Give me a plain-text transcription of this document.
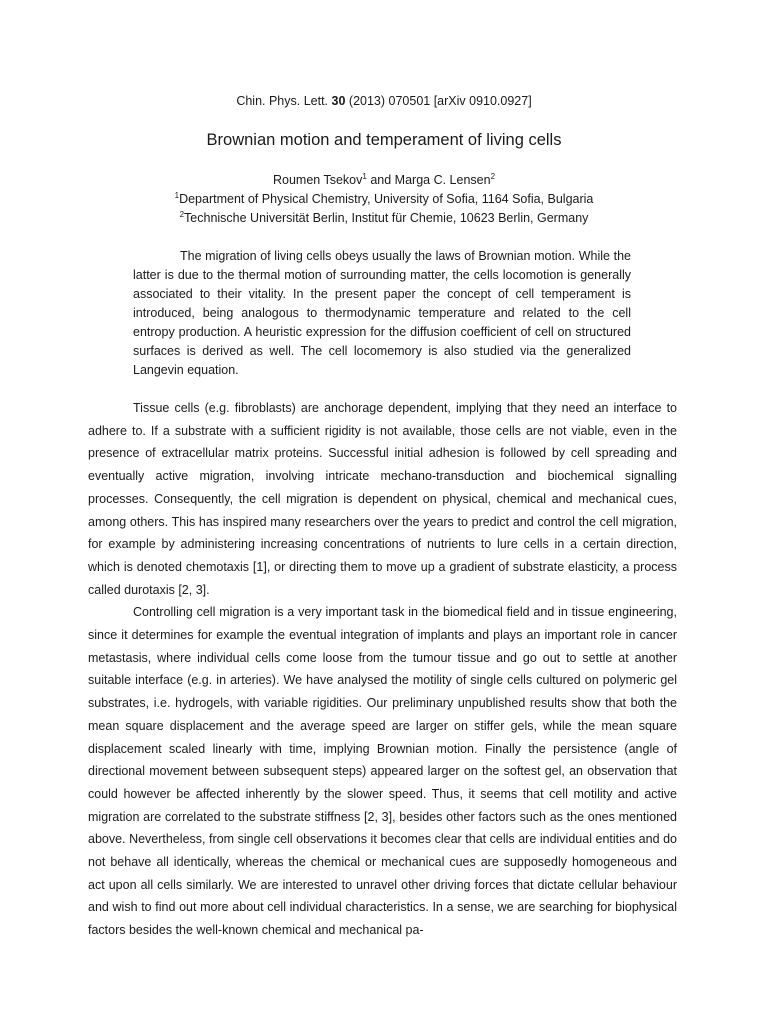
Chin. Phys. Lett. 30 (2013) 070501 [arXiv 0910.0927]
Brownian motion and temperament of living cells
Roumen Tsekov$^1$ and Marga C. Lensen$^2$
$^1$Department of Physical Chemistry, University of Sofia, 1164 Sofia, Bulgaria
$^2$Technische Universität Berlin, Institut für Chemie, 10623 Berlin, Germany

The migration of living cells obeys usually the laws of Brownian motion. While the latter is due to the thermal motion of surrounding matter, the cells locomotion is generally associated to their vitality. In the present paper the concept of cell temperament is introduced, being analogous to thermodynamic temperature and related to the cell entropy production. A heuristic expression for the diffusion coefficient of cell on structured surfaces is derived as well. The cell locomemory is also studied via the generalized Langevin equation.

Tissue cells (e.g. fibroblasts) are anchorage dependent, implying that they need an interface to adhere to. If a substrate with a sufficient rigidity is not available, those cells are not viable, even in the presence of extracellular matrix proteins. Successful initial adhesion is followed by cell spreading and eventually active migration, involving intricate mechano-transduction and biochemical signalling processes. Consequently, the cell migration is dependent on physical, chemical and mechanical cues, among others. This has inspired many researchers over the years to predict and control the cell migration, for example by administering increasing concentrations of nutrients to lure cells in a certain direction, which is denoted chemotaxis [1], or directing them to move up a gradient of substrate elasticity, a process called durotaxis [2, 3].

Controlling cell migration is a very important task in the biomedical field and in tissue engineering, since it determines for example the eventual integration of implants and plays an important role in cancer metastasis, where individual cells come loose from the tumour tissue and go out to settle at another suitable interface (e.g. in arteries). We have analysed the motility of single cells cultured on polymeric gel substrates, i.e. hydrogels, with variable rigidities. Our preliminary unpublished results show that both the mean square displacement and the average speed are larger on stiffer gels, while the mean square displacement scaled linearly with time, implying Brownian motion. Finally the persistence (angle of directional movement between subsequent steps) appeared larger on the softest gel, an observation that could however be affected inherently by the slower speed. Thus, it seems that cell motility and active migration are correlated to the substrate stiffness [2, 3], besides other factors such as the ones mentioned above. Nevertheless, from single cell observations it becomes clear that cells are individual entities and do not behave all identically, whereas the chemical or mechanical cues are supposedly homogeneous and act upon all cells similarly. We are interested to unravel other driving forces that dictate cellular behaviour and wish to find out more about cell individual characteristics. In a sense, we are searching for biophysical factors besides the well-known chemical and mechanical pa-
